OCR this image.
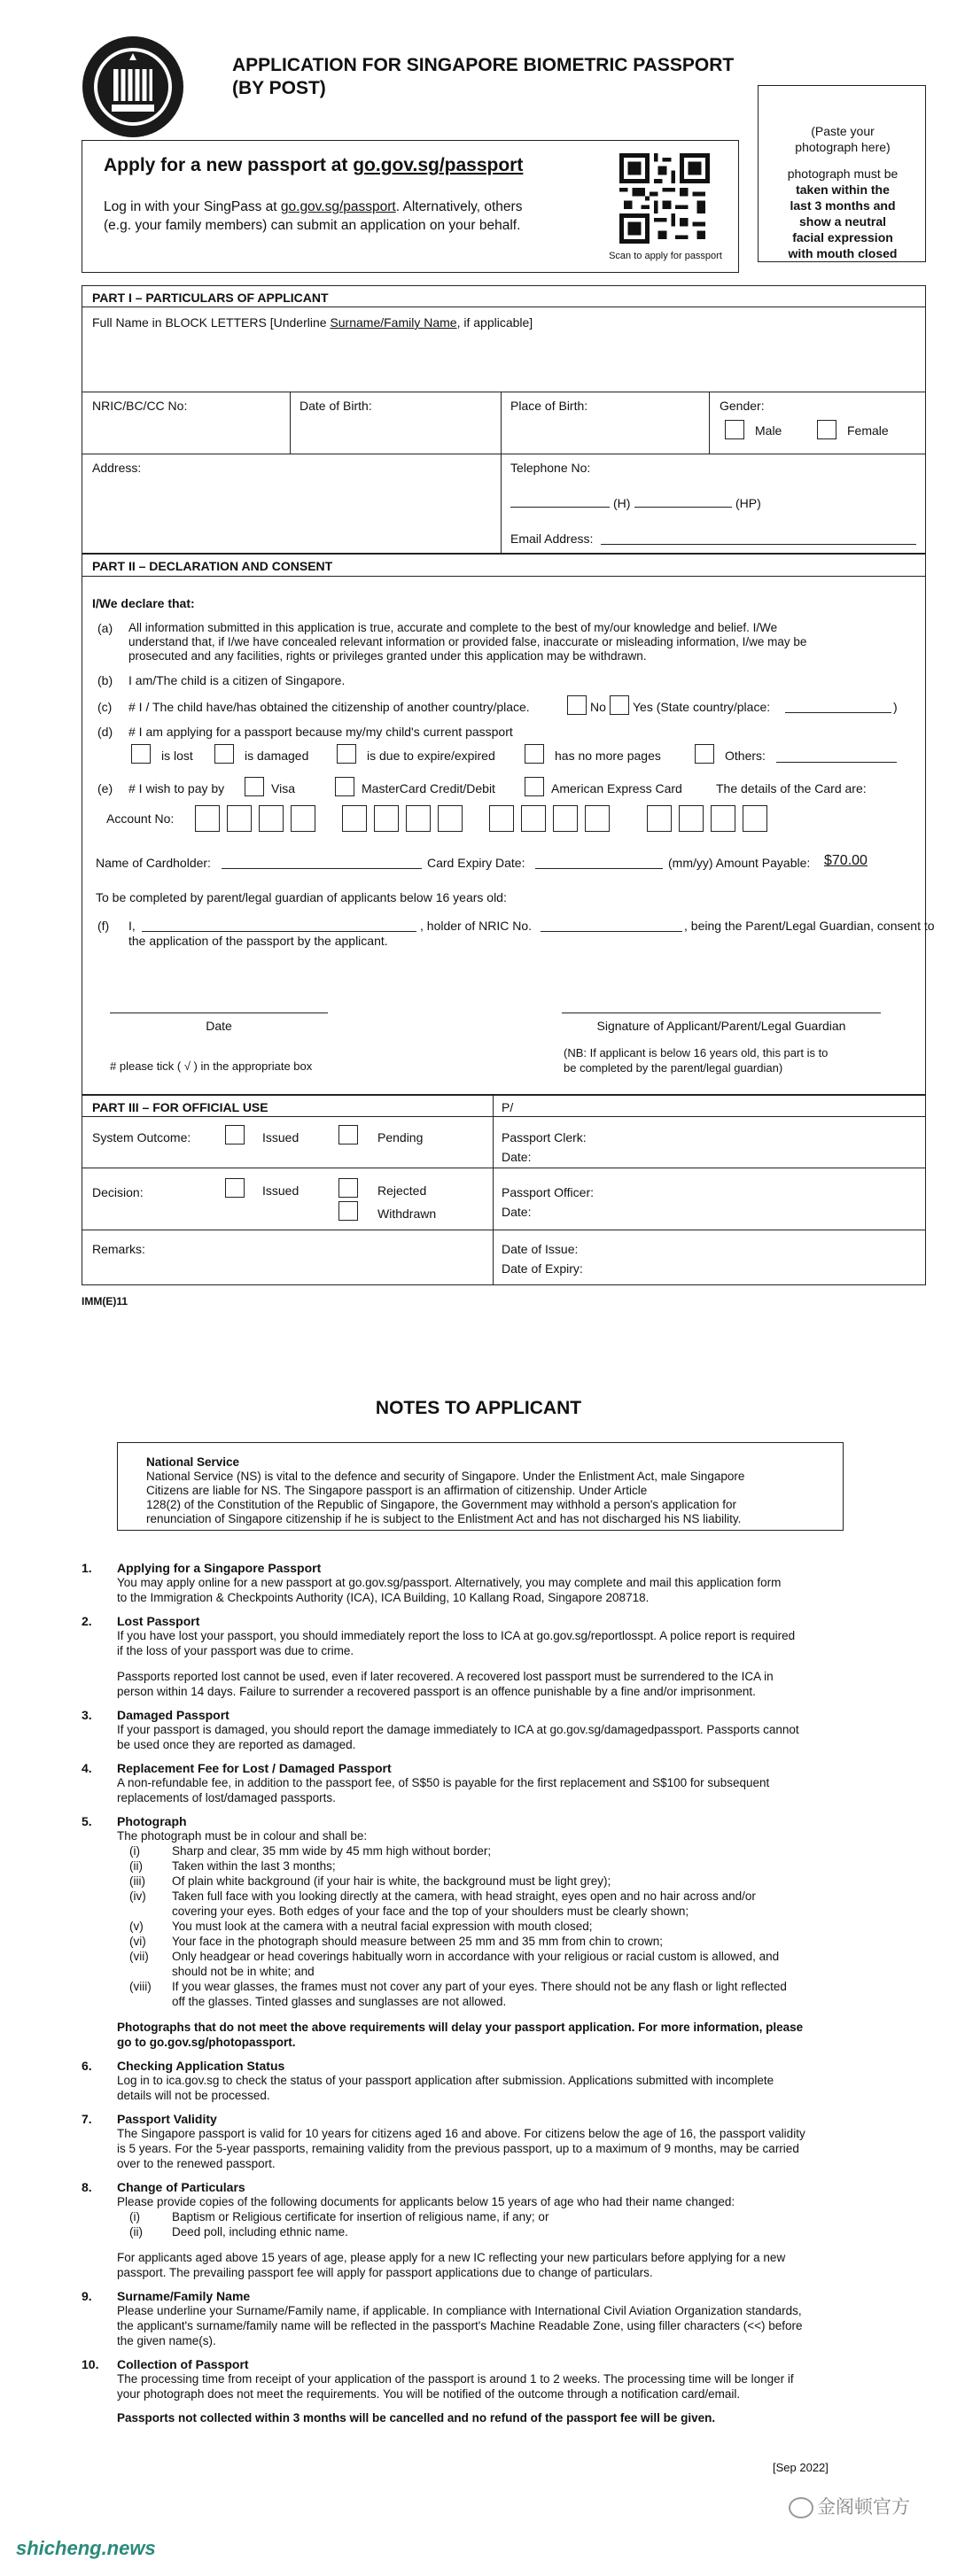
APPLICATION FOR SINGAPORE BIOMETRIC PASSPORT
(BY POST)
(Paste your
photograph here)
photograph must be
taken within the
last 3 months and
show a neutral
facial expression
with mouth closed
Apply for a new passport at go.gov.sg/passport
Log in with your SingPass at go.gov.sg/passport. Alternatively, others
(e.g. your family members) can submit an application on your behalf.
Scan to apply for passport
PART I – PARTICULARS OF APPLICANT
Full Name in BLOCK LETTERS [Underline Surname/Family Name, if applicable]
NRIC/BC/CC No:	Date of Birth:	Place of Birth:	Gender:
Male	Female
Address:	Telephone No:
(H)	(HP)
Email Address:
PART II – DECLARATION AND CONSENT
I/We declare that:
(a) All information submitted in this application is true, accurate and complete to the best of my/our knowledge and belief. I/We
understand that, if I/we have concealed relevant information or provided false, inaccurate or misleading information, I/we may be
prosecuted and any facilities, rights or privileges granted under this application may be withdrawn.
(b) I am/The child is a citizen of Singapore.
(c) # I / The child have/has obtained the citizenship of another country/place.	No Yes (State country/place:	)
(d) # I am applying for a passport because my/my child's current passport
is lost	is damaged	is due to expire/expired	has no more pages	Others:
(e) # I wish to pay by	Visa	MasterCard Credit/Debit	American Express Card	The details of the Card are:
Account No:
Name of Cardholder:	Card Expiry Date:	(mm/yy) Amount Payable: $70.00
To be completed by parent/legal guardian of applicants below 16 years old:
(f) I,	, holder of NRIC No.	, being the Parent/Legal Guardian, consent to
the application of the passport by the applicant.
Date	Signature of Applicant/Parent/Legal Guardian
# please tick ( √ ) in the appropriate box
(NB: If applicant is below 16 years old, this part is to
be completed by the parent/legal guardian)
PART III – FOR OFFICIAL USE	P/
System Outcome:	Issued	Pending	Passport Clerk:
Date:
Decision:	Issued	Rejected
Withdrawn
Passport Officer:
Date:
Remarks:	Date of Issue:
Date of Expiry:
IMM(E)11
NOTES TO APPLICANT
National Service
National Service (NS) is vital to the defence and security of Singapore. Under the Enlistment Act, male Singapore
Citizens are liable for NS. The Singapore passport is an affirmation of citizenship. Under Article
128(2) of the Constitution of the Republic of Singapore, the Government may withhold a person's application for
renunciation of Singapore citizenship if he is subject to the Enlistment Act and has not discharged his NS liability.
1. Applying for a Singapore Passport
You may apply online for a new passport at go.gov.sg/passport. Alternatively, you may complete and mail this application form
to the Immigration & Checkpoints Authority (ICA), ICA Building, 10 Kallang Road, Singapore 208718.
2. Lost Passport
If you have lost your passport, you should immediately report the loss to ICA at go.gov.sg/reportlosspt. A police report is required
if the loss of your passport was due to crime.
Passports reported lost cannot be used, even if later recovered. A recovered lost passport must be surrendered to the ICA in
person within 14 days. Failure to surrender a recovered passport is an offence punishable by a fine and/or imprisonment.
3. Damaged Passport
If your passport is damaged, you should report the damage immediately to ICA at go.gov.sg/damagedpassport. Passports cannot
be used once they are reported as damaged.
4. Replacement Fee for Lost / Damaged Passport
A non-refundable fee, in addition to the passport fee, of S$50 is payable for the first replacement and S$100 for subsequent
replacements of lost/damaged passports.
5. Photograph
The photograph must be in colour and shall be:
(i)	Sharp and clear, 35 mm wide by 45 mm high without border;
(ii) Taken within the last 3 months;
(iii) Of plain white background (if your hair is white, the background must be light grey);
(iv) Taken full face with you looking directly at the camera, with head straight, eyes open and no hair across and/or
covering your eyes. Both edges of your face and the top of your shoulders must be clearly shown;
(v) You must look at the camera with a neutral facial expression with mouth closed;
(vi) Your face in the photograph should measure between 25 mm and 35 mm from chin to crown;
(vii) Only headgear or head coverings habitually worn in accordance with your religious or racial custom is allowed, and
should not be in white; and
(viii) If you wear glasses, the frames must not cover any part of your eyes. There should not be any flash or light reflected
off the glasses. Tinted glasses and sunglasses are not allowed.
Photographs that do not meet the above requirements will delay your passport application. For more information, please
go to go.gov.sg/photopassport.
6. Checking Application Status
Log in to ica.gov.sg to check the status of your passport application after submission. Applications submitted with incomplete
details will not be processed.
7. Passport Validity
The Singapore passport is valid for 10 years for citizens aged 16 and above. For citizens below the age of 16, the passport validity
is 5 years. For the 5-year passports, remaining validity from the previous passport, up to a maximum of 9 months, may be carried
over to the renewed passport.
8. Change of Particulars
Please provide copies of the following documents for applicants below 15 years of age who had their name changed:
(i)	Baptism or Religious certificate for insertion of religious name, if any; or
(ii) Deed poll, including ethnic name.
For applicants aged above 15 years of age, please apply for a new IC reflecting your new particulars before applying for a new
passport. The prevailing passport fee will apply for passport applications due to change of particulars.
9. Surname/Family Name
Please underline your Surname/Family name, if applicable. In compliance with International Civil Aviation Organization standards,
the applicant's surname/family name will be reflected in the passport's Machine Readable Zone, using filler characters (<<) before
the given name(s).
10. Collection of Passport
The processing time from receipt of your application of the passport is around 1 to 2 weeks. The processing time will be longer if
your photograph does not meet the requirements. You will be notified of the outcome through a notification card/email.
Passports not collected within 3 months will be cancelled and no refund of the passport fee will be given.
[Sep 2022]
shicheng.news
金阁顿官方
